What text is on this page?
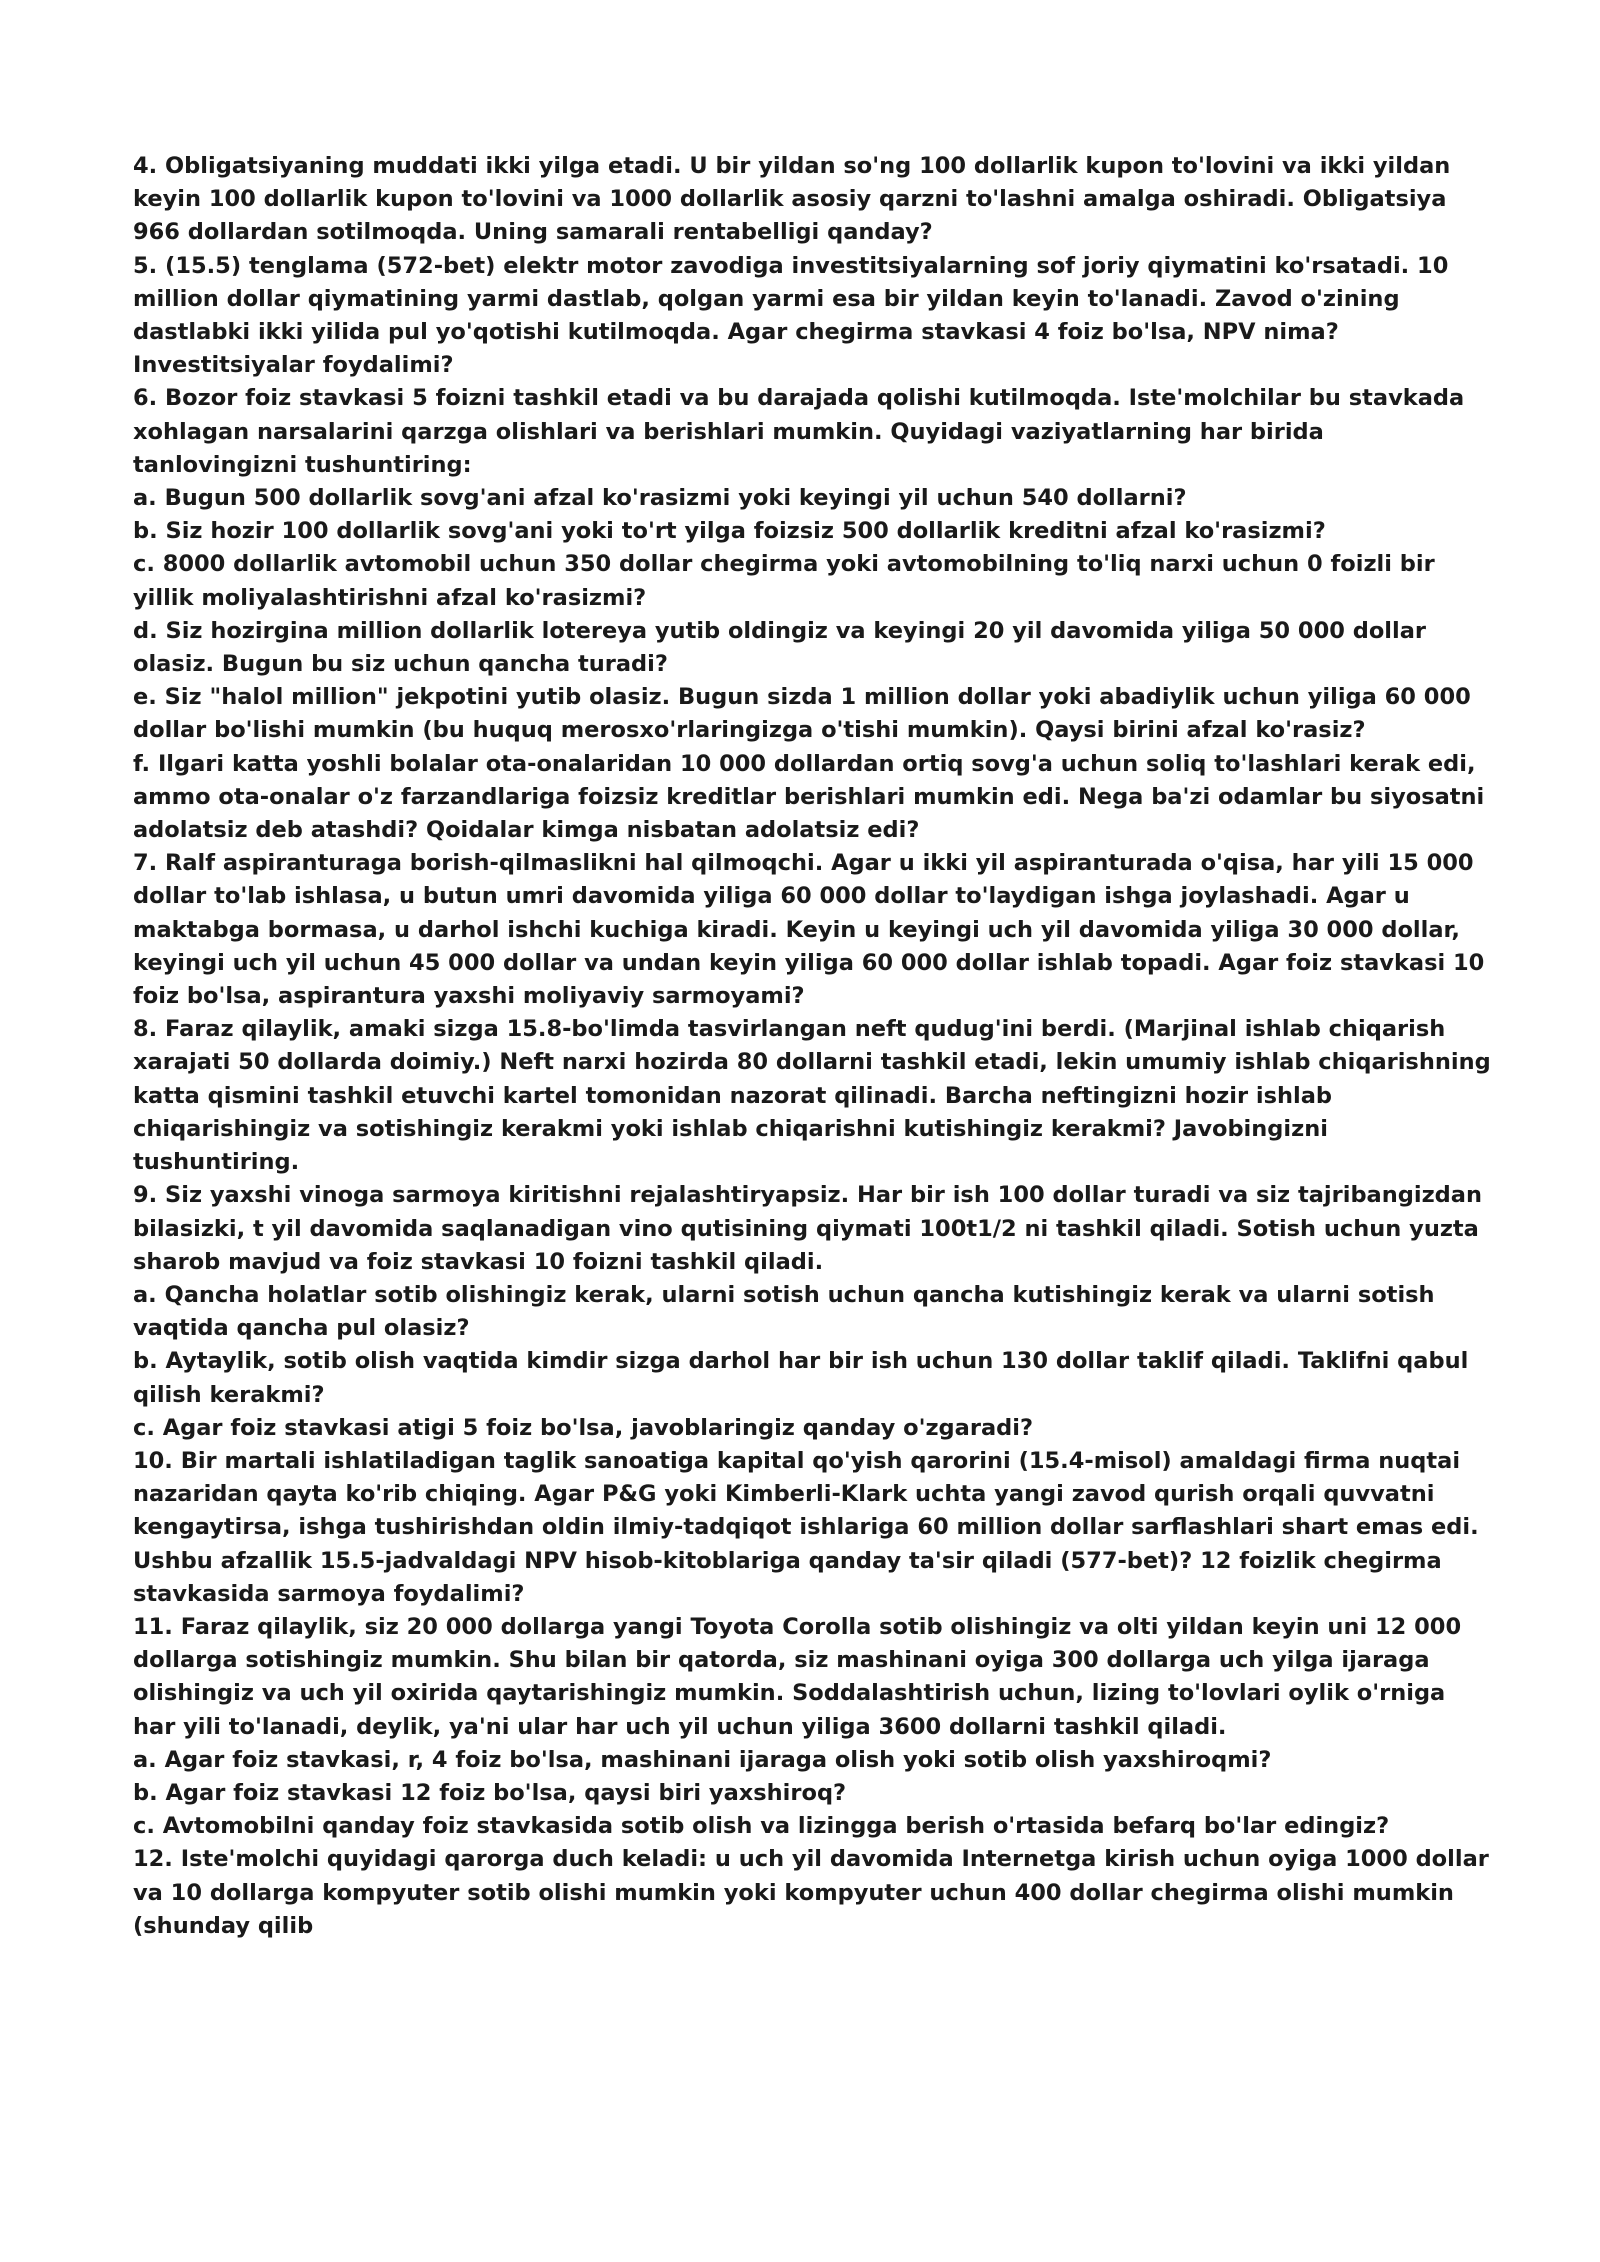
4. Obligatsiyaning muddati ikki yilga etadi. U bir yildan so'ng 100 dollarlik kupon to'lovini va ikki yildan keyin 100 dollarlik kupon to'lovini va 1000 dollarlik asosiy qarzni to'lashni amalga oshiradi. Obligatsiya 966 dollardan sotilmoqda. Uning samarali rentabelligi qanday?

5. (15.5) tenglama (572-bet) elektr motor zavodiga investitsiyalarning sof joriy qiymatini ko'rsatadi. 10 million dollar qiymatining yarmi dastlab, qolgan yarmi esa bir yildan keyin to'lanadi. Zavod o'zining dastlabki ikki yilida pul yo'qotishi kutilmoqda. Agar chegirma stavkasi 4 foiz bo'lsa, NPV nima? Investitsiyalar foydalimi?

6. Bozor foiz stavkasi 5 foizni tashkil etadi va bu darajada qolishi kutilmoqda. Iste'molchilar bu stavkada xohlagan narsalarini qarzga olishlari va berishlari mumkin. Quyidagi vaziyatlarning har birida tanlovingizni tushuntiring:

a. Bugun 500 dollarlik sovg'ani afzal ko'rasizmi yoki keyingi yil uchun 540 dollarni?

b. Siz hozir 100 dollarlik sovg'ani yoki to'rt yilga foizsiz 500 dollarlik kreditni afzal ko'rasizmi?

c. 8000 dollarlik avtomobil uchun 350 dollar chegirma yoki avtomobilning to'liq narxi uchun 0 foizli bir yillik moliyalashtirishni afzal ko'rasizmi?

d. Siz hozirgina million dollarlik lotereya yutib oldingiz va keyingi 20 yil davomida yiliga 50 000 dollar olasiz. Bugun bu siz uchun qancha turadi?

e. Siz "halol million" jekpotini yutib olasiz. Bugun sizda 1 million dollar yoki abadiylik uchun yiliga 60 000 dollar bo'lishi mumkin (bu huquq merosxo'rlaringizga o'tishi mumkin). Qaysi birini afzal ko'rasiz?

f. Ilgari katta yoshli bolalar ota-onalaridan 10 000 dollardan ortiq sovg'a uchun soliq to'lashlari kerak edi, ammo ota-onalar o'z farzandlariga foizsiz kreditlar berishlari mumkin edi. Nega ba'zi odamlar bu siyosatni adolatsiz deb atashdi? Qoidalar kimga nisbatan adolatsiz edi?

7. Ralf aspiranturaga borish-qilmaslikni hal qilmoqchi. Agar u ikki yil aspiranturada o'qisa, har yili 15 000 dollar to'lab ishlasa, u butun umri davomida yiliga 60 000 dollar to'laydigan ishga joylashadi. Agar u maktabga bormasa, u darhol ishchi kuchiga kiradi. Keyin u keyingi uch yil davomida yiliga 30 000 dollar, keyingi uch yil uchun 45 000 dollar va undan keyin yiliga 60 000 dollar ishlab topadi. Agar foiz stavkasi 10 foiz bo'lsa, aspirantura yaxshi moliyaviy sarmoyami?

8. Faraz qilaylik, amaki sizga 15.8-bo'limda tasvirlangan neft qudug'ini berdi. (Marjinal ishlab chiqarish xarajati 50 dollarda doimiy.) Neft narxi hozirda 80 dollarni tashkil etadi, lekin umumiy ishlab chiqarishning katta qismini tashkil etuvchi kartel tomonidan nazorat qilinadi. Barcha neftingizni hozir ishlab chiqarishingiz va sotishingiz kerakmi yoki ishlab chiqarishni kutishingiz kerakmi? Javobingizni tushuntiring.

9. Siz yaxshi vinoga sarmoya kiritishni rejalashtiryapsiz. Har bir ish 100 dollar turadi va siz tajribangizdan bilasizki, t yil davomida saqlanadigan vino qutisining qiymati 100t1/2 ni tashkil qiladi. Sotish uchun yuzta sharob mavjud va foiz stavkasi 10 foizni tashkil qiladi.

a. Qancha holatlar sotib olishingiz kerak, ularni sotish uchun qancha kutishingiz kerak va ularni sotish vaqtida qancha pul olasiz?

b. Aytaylik, sotib olish vaqtida kimdir sizga darhol har bir ish uchun 130 dollar taklif qiladi. Taklifni qabul qilish kerakmi?

c. Agar foiz stavkasi atigi 5 foiz bo'lsa, javoblaringiz qanday o'zgaradi?

10. Bir martali ishlatiladigan taglik sanoatiga kapital qo'yish qarorini (15.4-misol) amaldagi firma nuqtai nazaridan qayta ko'rib chiqing. Agar P&G yoki Kimberli-Klark uchta yangi zavod qurish orqali quvvatni kengaytirsa, ishga tushirishdan oldin ilmiy-tadqiqot ishlariga 60 million dollar sarflashlari shart emas edi. Ushbu afzallik 15.5-jadvaldagi NPV hisob-kitoblariga qanday ta'sir qiladi (577-bet)? 12 foizlik chegirma stavkasida sarmoya foydalimi?

11. Faraz qilaylik, siz 20 000 dollarga yangi Toyota Corolla sotib olishingiz va olti yildan keyin uni 12 000 dollarga sotishingiz mumkin. Shu bilan bir qatorda, siz mashinani oyiga 300 dollarga uch yilga ijaraga olishingiz va uch yil oxirida qaytarishingiz mumkin. Soddalashtirish uchun, lizing to'lovlari oylik o'rniga har yili to'lanadi, deylik, ya'ni ular har uch yil uchun yiliga 3600 dollarni tashkil qiladi.

a. Agar foiz stavkasi, r, 4 foiz bo'lsa, mashinani ijaraga olish yoki sotib olish yaxshiroqmi?

b. Agar foiz stavkasi 12 foiz bo'lsa, qaysi biri yaxshiroq?

c. Avtomobilni qanday foiz stavkasida sotib olish va lizingga berish o'rtasida befarq bo'lar edingiz?

12. Iste'molchi quyidagi qarorga duch keladi: u uch yil davomida Internetga kirish uchun oyiga 1000 dollar va 10 dollarga kompyuter sotib olishi mumkin yoki kompyuter uchun 400 dollar chegirma olishi mumkin (shunday qilib
